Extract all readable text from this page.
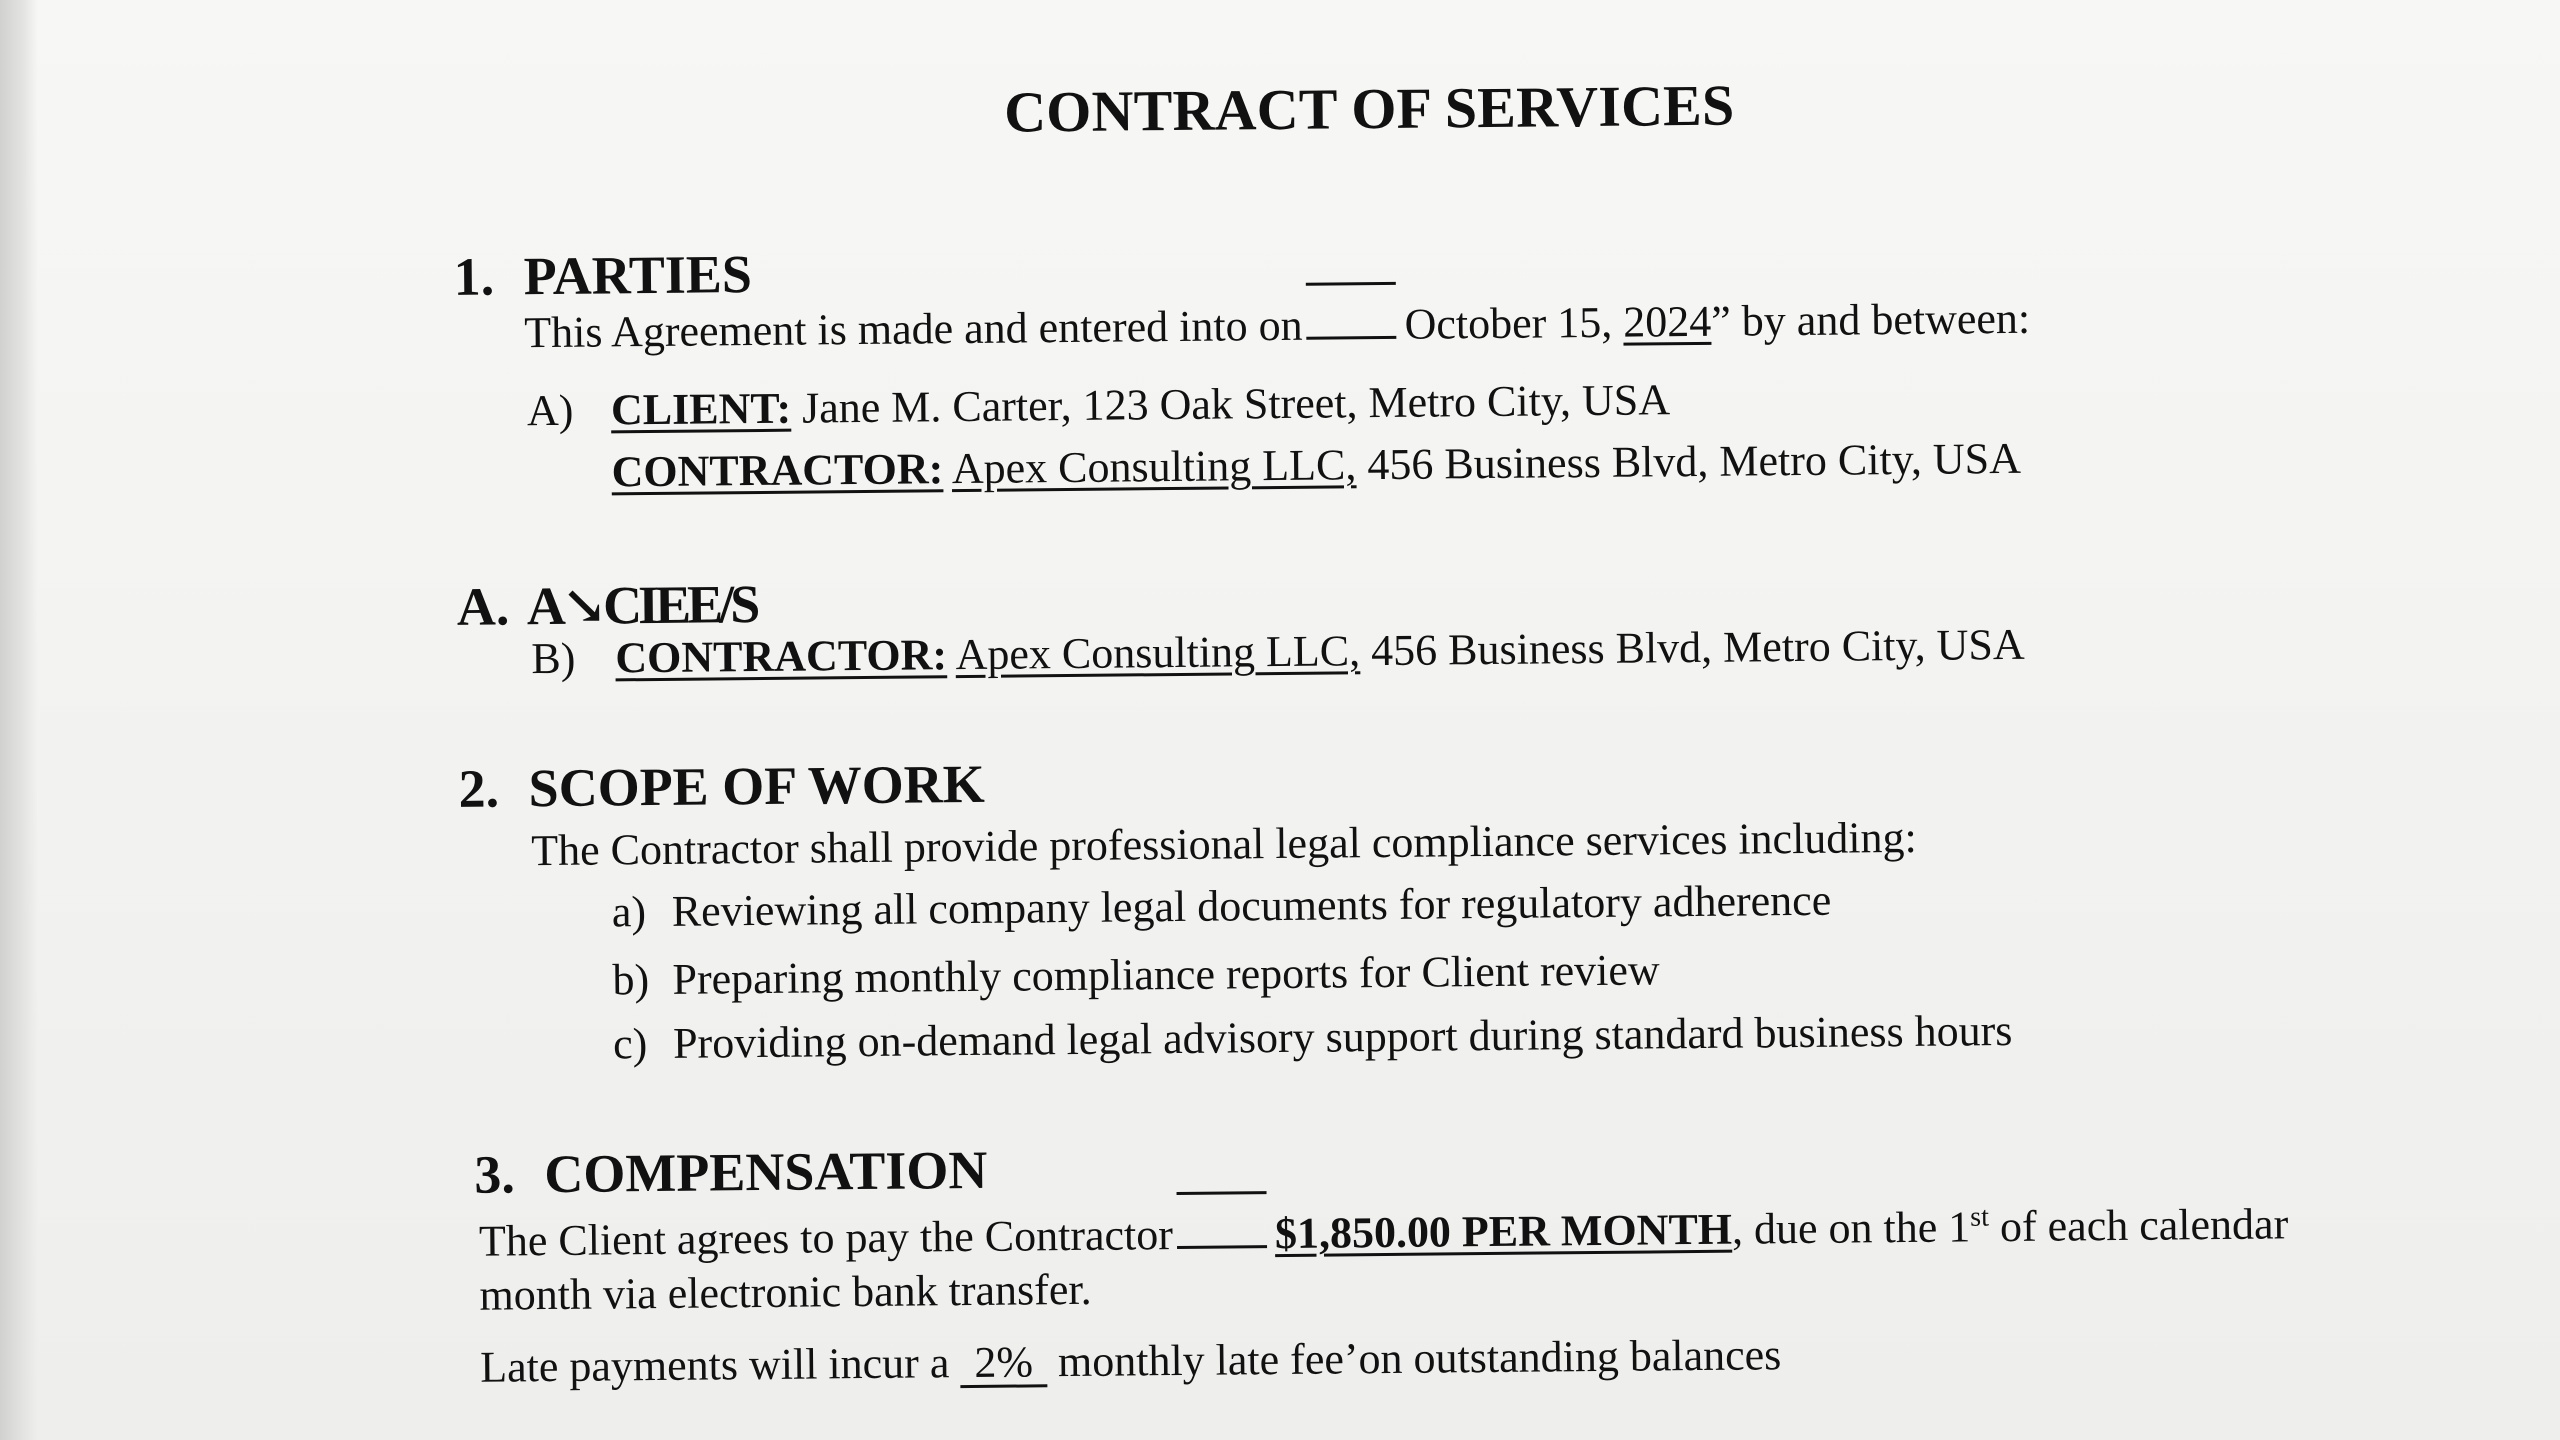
CONTRACT OF SERVICES
1. PARTIES
This Agreement is made and entered into on October 15, 2024” by and between:
A) CLIENT: Jane M. Carter, 123 Oak Street, Metro City, USA
CONTRACTOR: Apex Consulting LLC, 456 Business Blvd, Metro City, USA
A. A↘CIEE/S
B) CONTRACTOR: Apex Consulting LLC, 456 Business Blvd, Metro City, USA
2. SCOPE OF WORK
The Contractor shall provide professional legal compliance services including:
a) Reviewing all company legal documents for regulatory adherence
b) Preparing monthly compliance reports for Client review
c) Providing on-demand legal advisory support during standard business hours
3. COMPENSATION
The Client agrees to pay the Contractor $1,850.00 PER MONTH, due on the 1st of each calendar
month via electronic bank transfer.
Late payments will incur a 2% monthly late fee’on outstanding balances
